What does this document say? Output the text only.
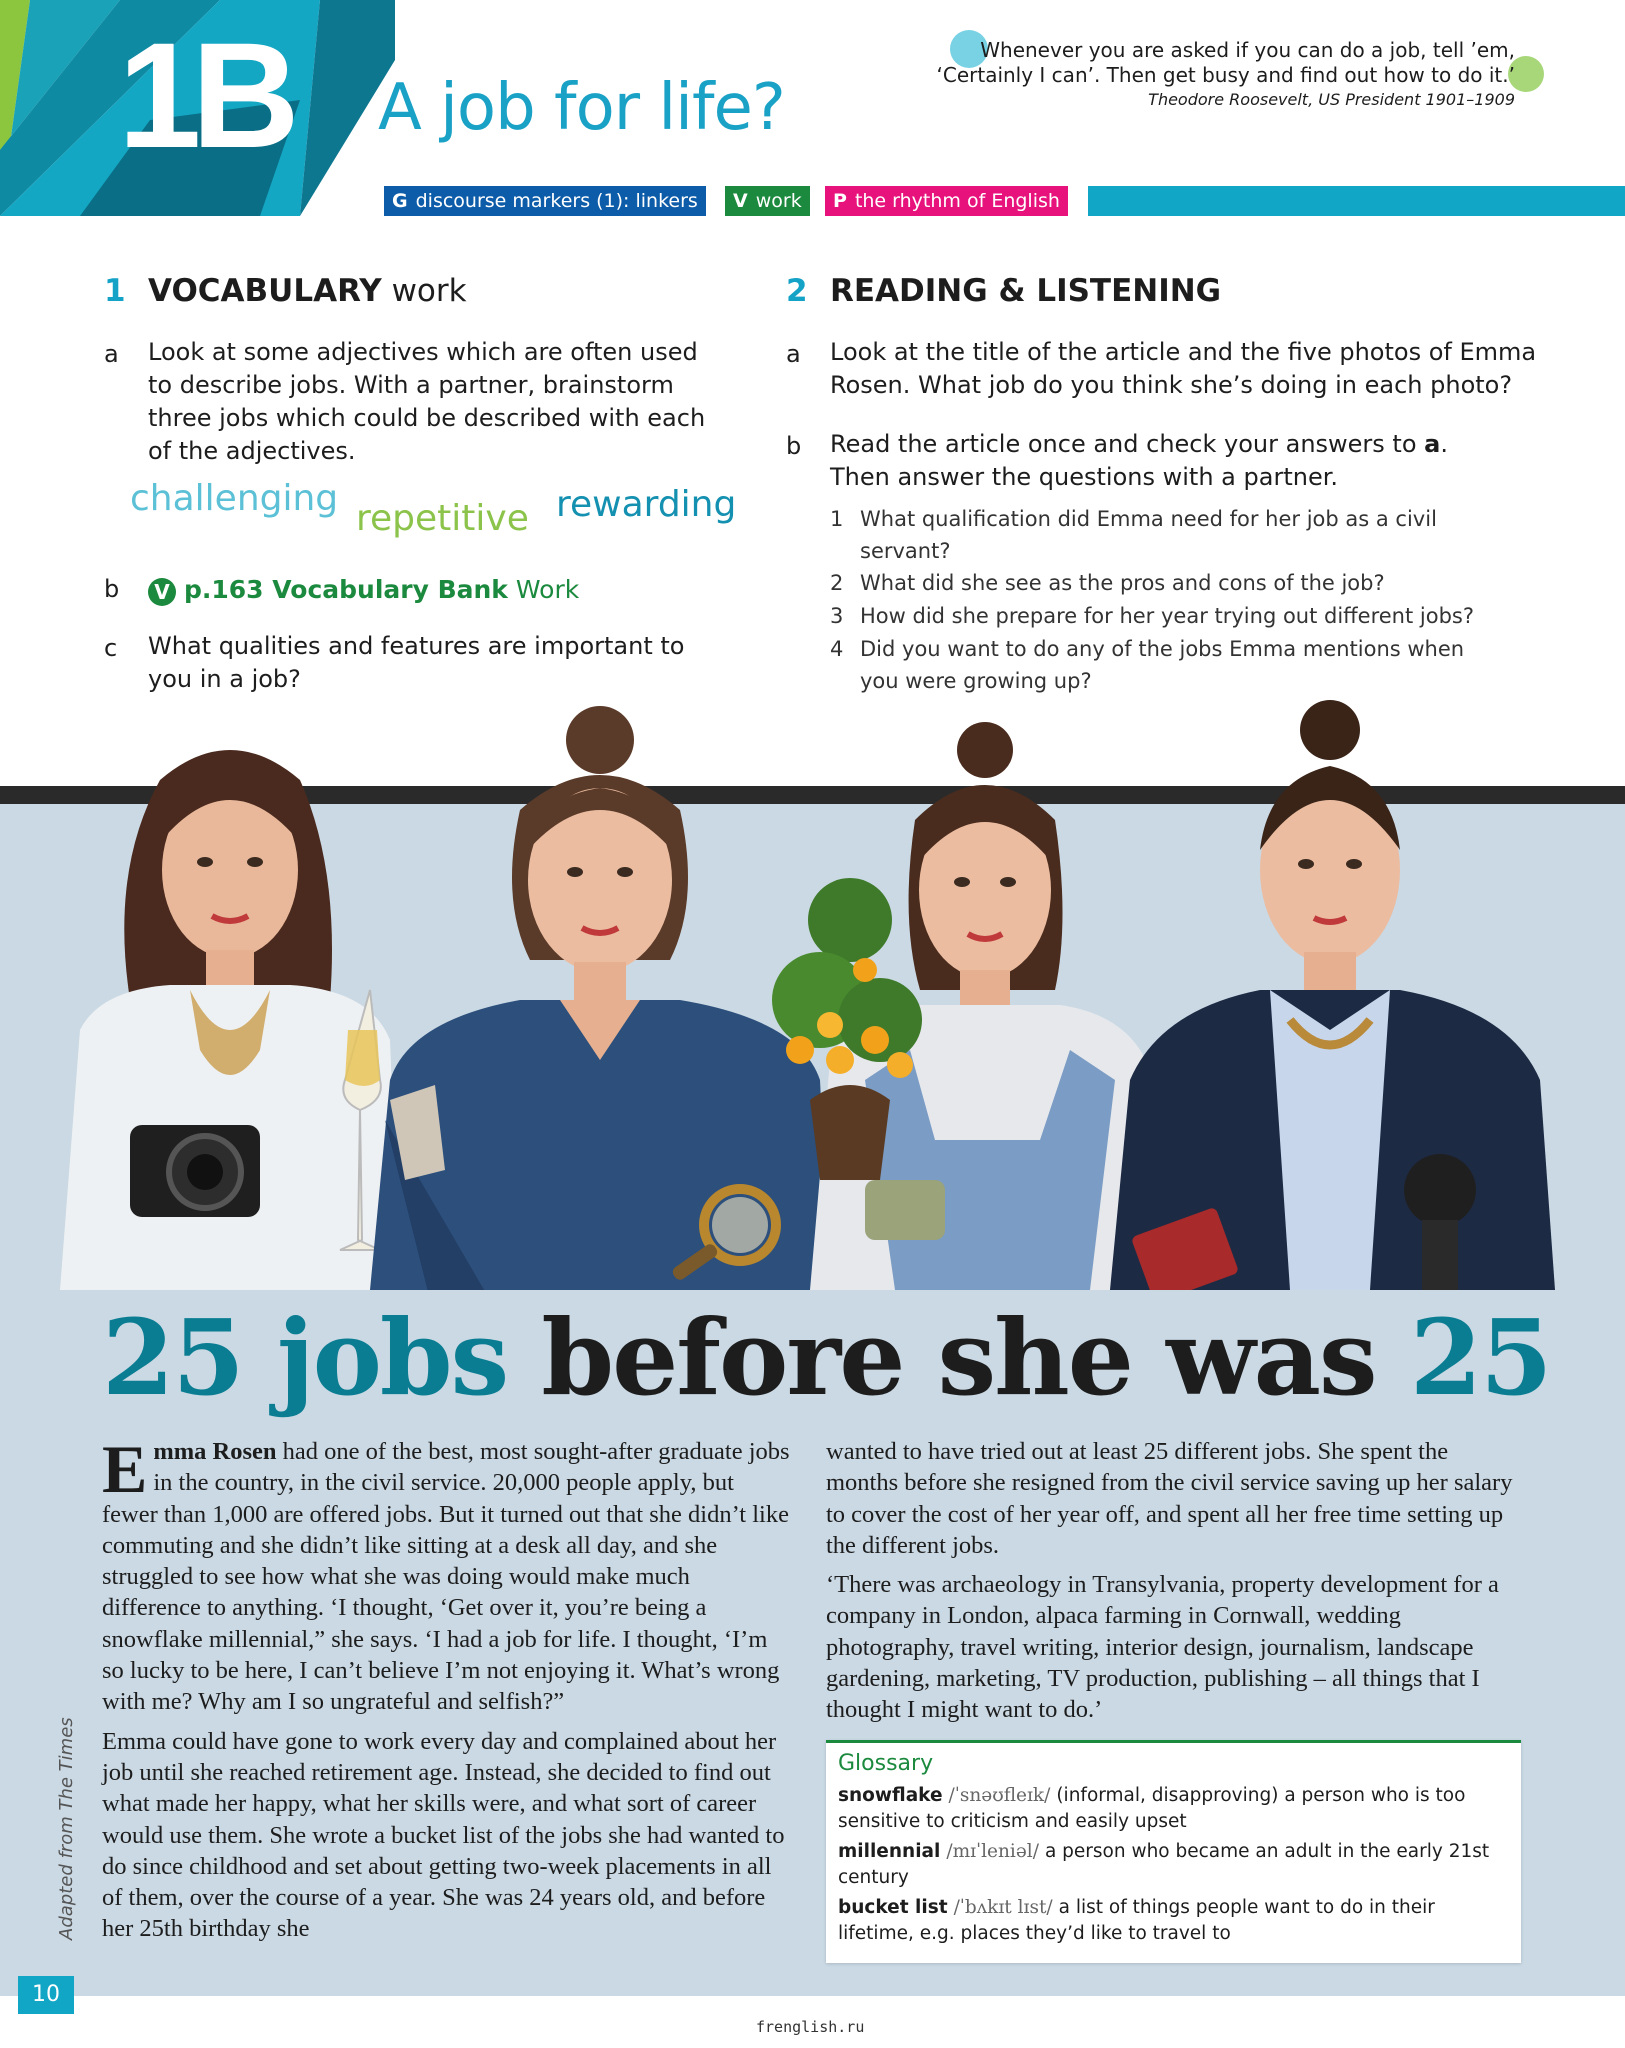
1B A job for life?
Whenever you are asked if you can do a job, tell ’em,
‘Certainly I can’. Then get busy and find out how to do it.’
Theodore Roosevelt, US President 1901–1909
G discourse markers (1): linkers	V work	P the rhythm of English
1 VOCABULARY work
a Look at some adjectives which are often used
to describe jobs. With a partner, brainstorm
three jobs which could be described with each
of the adjectives.
challenging repetitive rewarding
b	V p.163 Vocabulary Bank Work
c What qualities and features are important to
you in a job?
2 READING & LISTENING
a Look at the title of the article and the five photos of Emma
Rosen. What job do you think she’s doing in each photo?
b Read the article once and check your answers to a.
Then answer the questions with a partner.
1 What qualification did Emma need for her job as a civil
servant?
2 What did she see as the pros and cons of the job?
3 How did she prepare for her year trying out different jobs?
4 Did you want to do any of the jobs Emma mentions when
you were growing up?
25 jobs before she was 25

Emma Rosen had one of the best, most sought-after graduate jobs in the country, in the civil service. 20,000 people apply, but fewer than 1,000 are offered jobs. But it turned out that she didn’t like commuting and she didn’t like sitting at a desk all day, and she struggled to see how what she was doing would make much difference to anything. ‘I thought, ‘Get over it, you’re being a snowflake millennial,” she says. ‘I had a job for life. I thought, ‘I’m so lucky to be here, I can’t believe I’m not enjoying it. What’s wrong with me? Why am I so ungrateful and selfish?”

Emma could have gone to work every day and complained about her job until she reached retirement age. Instead, she decided to find out what made her happy, what her skills were, and what sort of career would use them. She wrote a bucket list of the jobs she had wanted to do since childhood and set about getting two-week placements in all of them, over the course of a year. She was 24 years old, and before her 25th birthday she

wanted to have tried out at least 25 different jobs. She spent the months before she resigned from the civil service saving up her salary to cover the cost of her year off, and spent all her free time setting up the different jobs.

‘There was archaeology in Transylvania, property development for a company in London, alpaca farming in Cornwall, wedding photography, travel writing, interior design, journalism, landscape gardening, marketing, TV production, publishing – all things that I thought I might want to do.’

Adapted from The Times	Glossary
snowflake /ˈsnəʊfleɪk/ (informal, disapproving) a person who is too sensitive to criticism and easily upset
millennial /mɪˈleniəl/ a person who became an adult in the early 21st century
bucket list /ˈbʌkɪt lɪst/ a list of things people want to do in their lifetime, e.g. places they’d like to travel to
10
frenglish.ru
